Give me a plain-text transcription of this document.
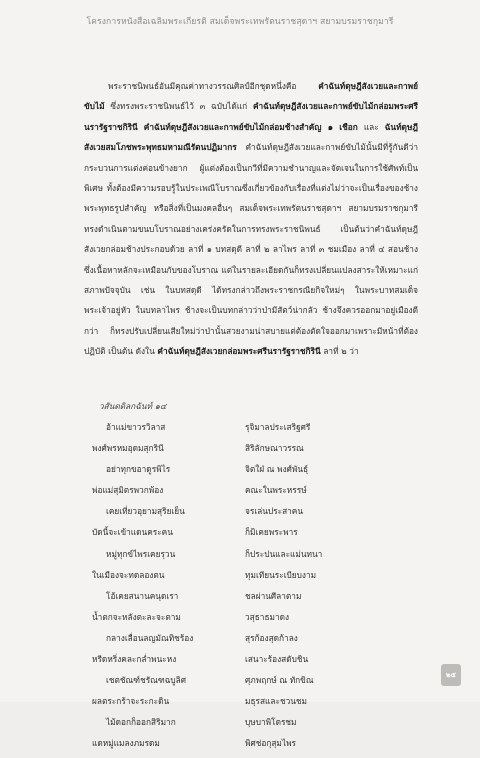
โครงการหนังสือเฉลิมพระเกียรติ สมเด็จพระเทพรัตนราชสุดาฯ สยามบรมราชกุมารี

พระราชนิพนธ์อันมีคุณค่าทางวรรณศิลป์อีกชุดหนึ่งคือ คำฉันท์ดุษฎีสังเวยและกาพย์ขับไม้ ซึ่งทรงพระราชนิพนธ์ไว้ ๓ ฉบับได้แก่ คำฉันท์ดุษฎีสังเวยและกาพย์ขับไม้กล่อมพระศรีนรารัฐราชกิรินี คำฉันท์ดุษฎีสังเวยและกาพย์ขับไม้กล่อมช้างสำคัญ ๑ เชือก และ ฉันท์ดุษฎีสังเวยสมโภชพระพุทธมหามณีรัตนปฏิมากร คำฉันท์ดุษฎีสังเวยและกาพย์ขับไม้นั้นมีที่รู้กันดีว่ากระบวนการแต่งค่อนข้างยาก ผู้แต่งต้องเป็นกวีที่มีความชำนาญและจัดเจนในการใช้ศัพท์เป็นพิเศษ ทั้งต้องมีความรอบรู้ในประเพณีโบราณซึ่งเกี่ยวข้องกับเรื่องที่แต่งไม่ว่าจะเป็นเรื่องของช้าง พระพุทธรูปสำคัญ หรือสิ่งที่เป็นมงคลอื่นๆ สมเด็จพระเทพรัตนราชสุดาฯ สยามบรมราชกุมารีทรงดำเนินตามขนบโบราณอย่างเคร่งครัดในการทรงพระราชนิพนธ์ เป็นต้นว่าคำฉันท์ดุษฎีสังเวยกล่อมช้างประกอบด้วย ลาที่ ๑ บทสดุดี ลาที่ ๒ ลาไพร ลาที่ ๓ ชมเมือง ลาที่ ๔ สอนช้าง ซึ่งเนื้อหาหลักจะเหมือนกับของโบราณ แต่ในรายละเอียดกันก็ทรงเปลี่ยนแปลงสาระให้เหมาะแก่สภาพปัจจุบัน เช่น ในบทสดุดี ได้ทรงกล่าวถึงพระราชกรณียกิจใหม่ๆ ในพระบาทสมเด็จพระเจ้าอยู่หัว ในบทลาไพร ช้างจะเป็นบทกล่าวว่าป่ามีสัตว์น่ากลัว ช้างจึงควรออกมาอยู่เมืองดีกว่า ก็ทรงปรับเปลี่ยนเสียใหม่ว่าป่านั้นสวยงามน่าสบายแต่ต้องตัดใจออกมาเพราะมีหน้าที่ต้องปฏิบัติ เป็นต้น ดังใน คำฉันท์ดุษฎีสังเวยกล่อมพระศรีนรารัฐราชกิรินี ลาที่ ๒ ว่า

วสันตดิลกฉันท์ ๑๔
อ้าแม่ขาวรวิลาส	รุจิมาลประเสริฐศรี
พงศ์พรหมอุดมสุกรินี	สิริลักษณาวรรณ
อย่าทุกขอาดูรพิไร	จิตใฝ่ ณ พงศ์พันธุ์
พ่อแม่สุมิตรพวกพ้อง	คณะในพระหรรษ์
เคยเที่ยวอุยามสุริยเย็น	จรเล่นประสาคน
บัดนี้จะเข้าแดนคระคน	ก็มิเคยพระพาร
หมู่ทุกข์ไพรเคยรุวน	ก็ประปนและแม่นทนา
ในเมืองจะทดลองตน	ทุมเทียนระเบียบงาม
โอ้เคยสนานคนุดเรา	ชลผ่านศีลาตาม
น้ำตกจะหลังตะละจะตาม	วสุธาธมาดง
กลางเลื่อนลญมัณทิชร้อง	สุรก้องสุดก้าลง
หรีดหริ่งคละกล่ำพนะหง	เสนาะร้องสดับชิน
เชตชัณฑ์ชรัณฑฉบูลิศ	ศุภพฤกษ์ ณ ทักขิณ
ผลตระกร้าจะระกะดิน	มธุรสและชวนชม
ไม้ดอกก็ออกสิริมาก	บุษบาพิโดรชม
แดหมู่แมลงภมรดม	พิศช่อกุสุมไพร
๒๕
